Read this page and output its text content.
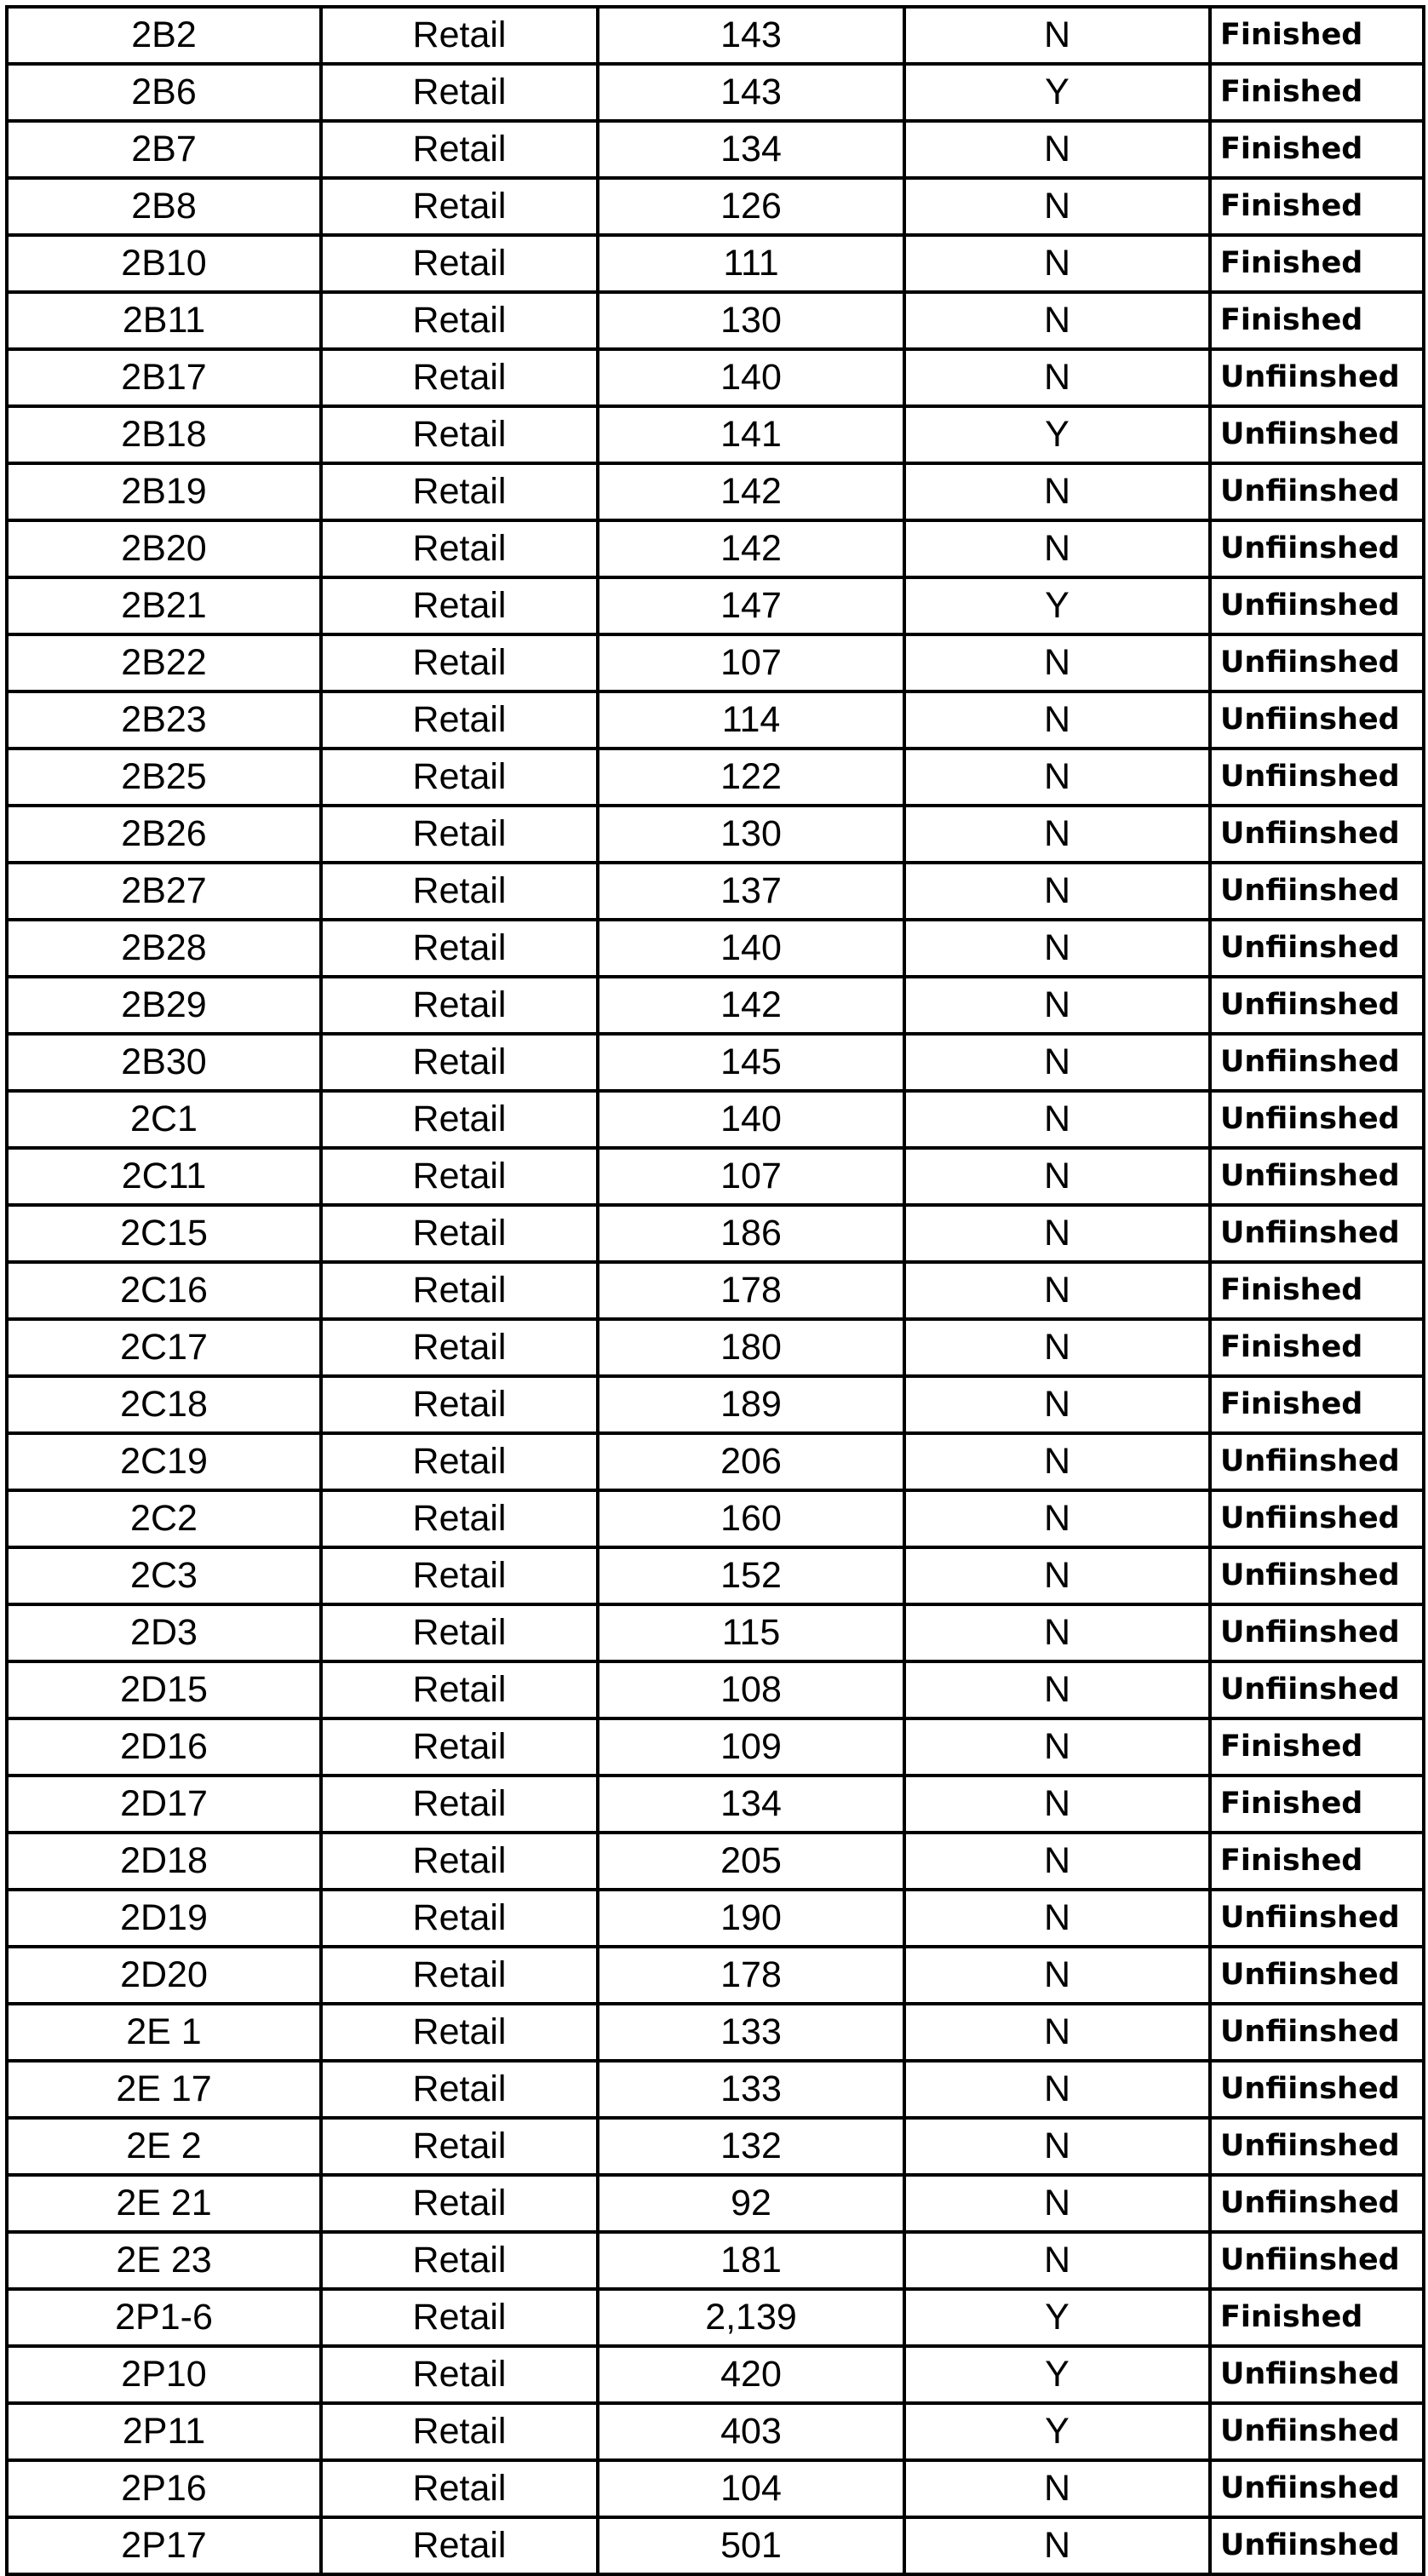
2B2	Retail	143	N	Finished
2B6	Retail	143	Y	Finished
2B7	Retail	134	N	Finished
2B8	Retail	126	N	Finished
2B10	Retail	111	N	Finished
2B11	Retail	130	N	Finished
2B17	Retail	140	N	Unfiinshed
2B18	Retail	141	Y	Unfiinshed
2B19	Retail	142	N	Unfiinshed
2B20	Retail	142	N	Unfiinshed
2B21	Retail	147	Y	Unfiinshed
2B22	Retail	107	N	Unfiinshed
2B23	Retail	114	N	Unfiinshed
2B25	Retail	122	N	Unfiinshed
2B26	Retail	130	N	Unfiinshed
2B27	Retail	137	N	Unfiinshed
2B28	Retail	140	N	Unfiinshed
2B29	Retail	142	N	Unfiinshed
2B30	Retail	145	N	Unfiinshed
2C1	Retail	140	N	Unfiinshed
2C11	Retail	107	N	Unfiinshed
2C15	Retail	186	N	Unfiinshed
2C16	Retail	178	N	Finished
2C17	Retail	180	N	Finished
2C18	Retail	189	N	Finished
2C19	Retail	206	N	Unfiinshed
2C2	Retail	160	N	Unfiinshed
2C3	Retail	152	N	Unfiinshed
2D3	Retail	115	N	Unfiinshed
2D15	Retail	108	N	Unfiinshed
2D16	Retail	109	N	Finished
2D17	Retail	134	N	Finished
2D18	Retail	205	N	Finished
2D19	Retail	190	N	Unfiinshed
2D20	Retail	178	N	Unfiinshed
2E 1	Retail	133	N	Unfiinshed
2E 17	Retail	133	N	Unfiinshed
2E 2	Retail	132	N	Unfiinshed
2E 21	Retail	92	N	Unfiinshed
2E 23	Retail	181	N	Unfiinshed
2P1-6	Retail	2,139	Y	Finished
2P10	Retail	420	Y	Unfiinshed
2P11	Retail	403	Y	Unfiinshed
2P16	Retail	104	N	Unfiinshed
2P17	Retail	501	N	Unfiinshed
